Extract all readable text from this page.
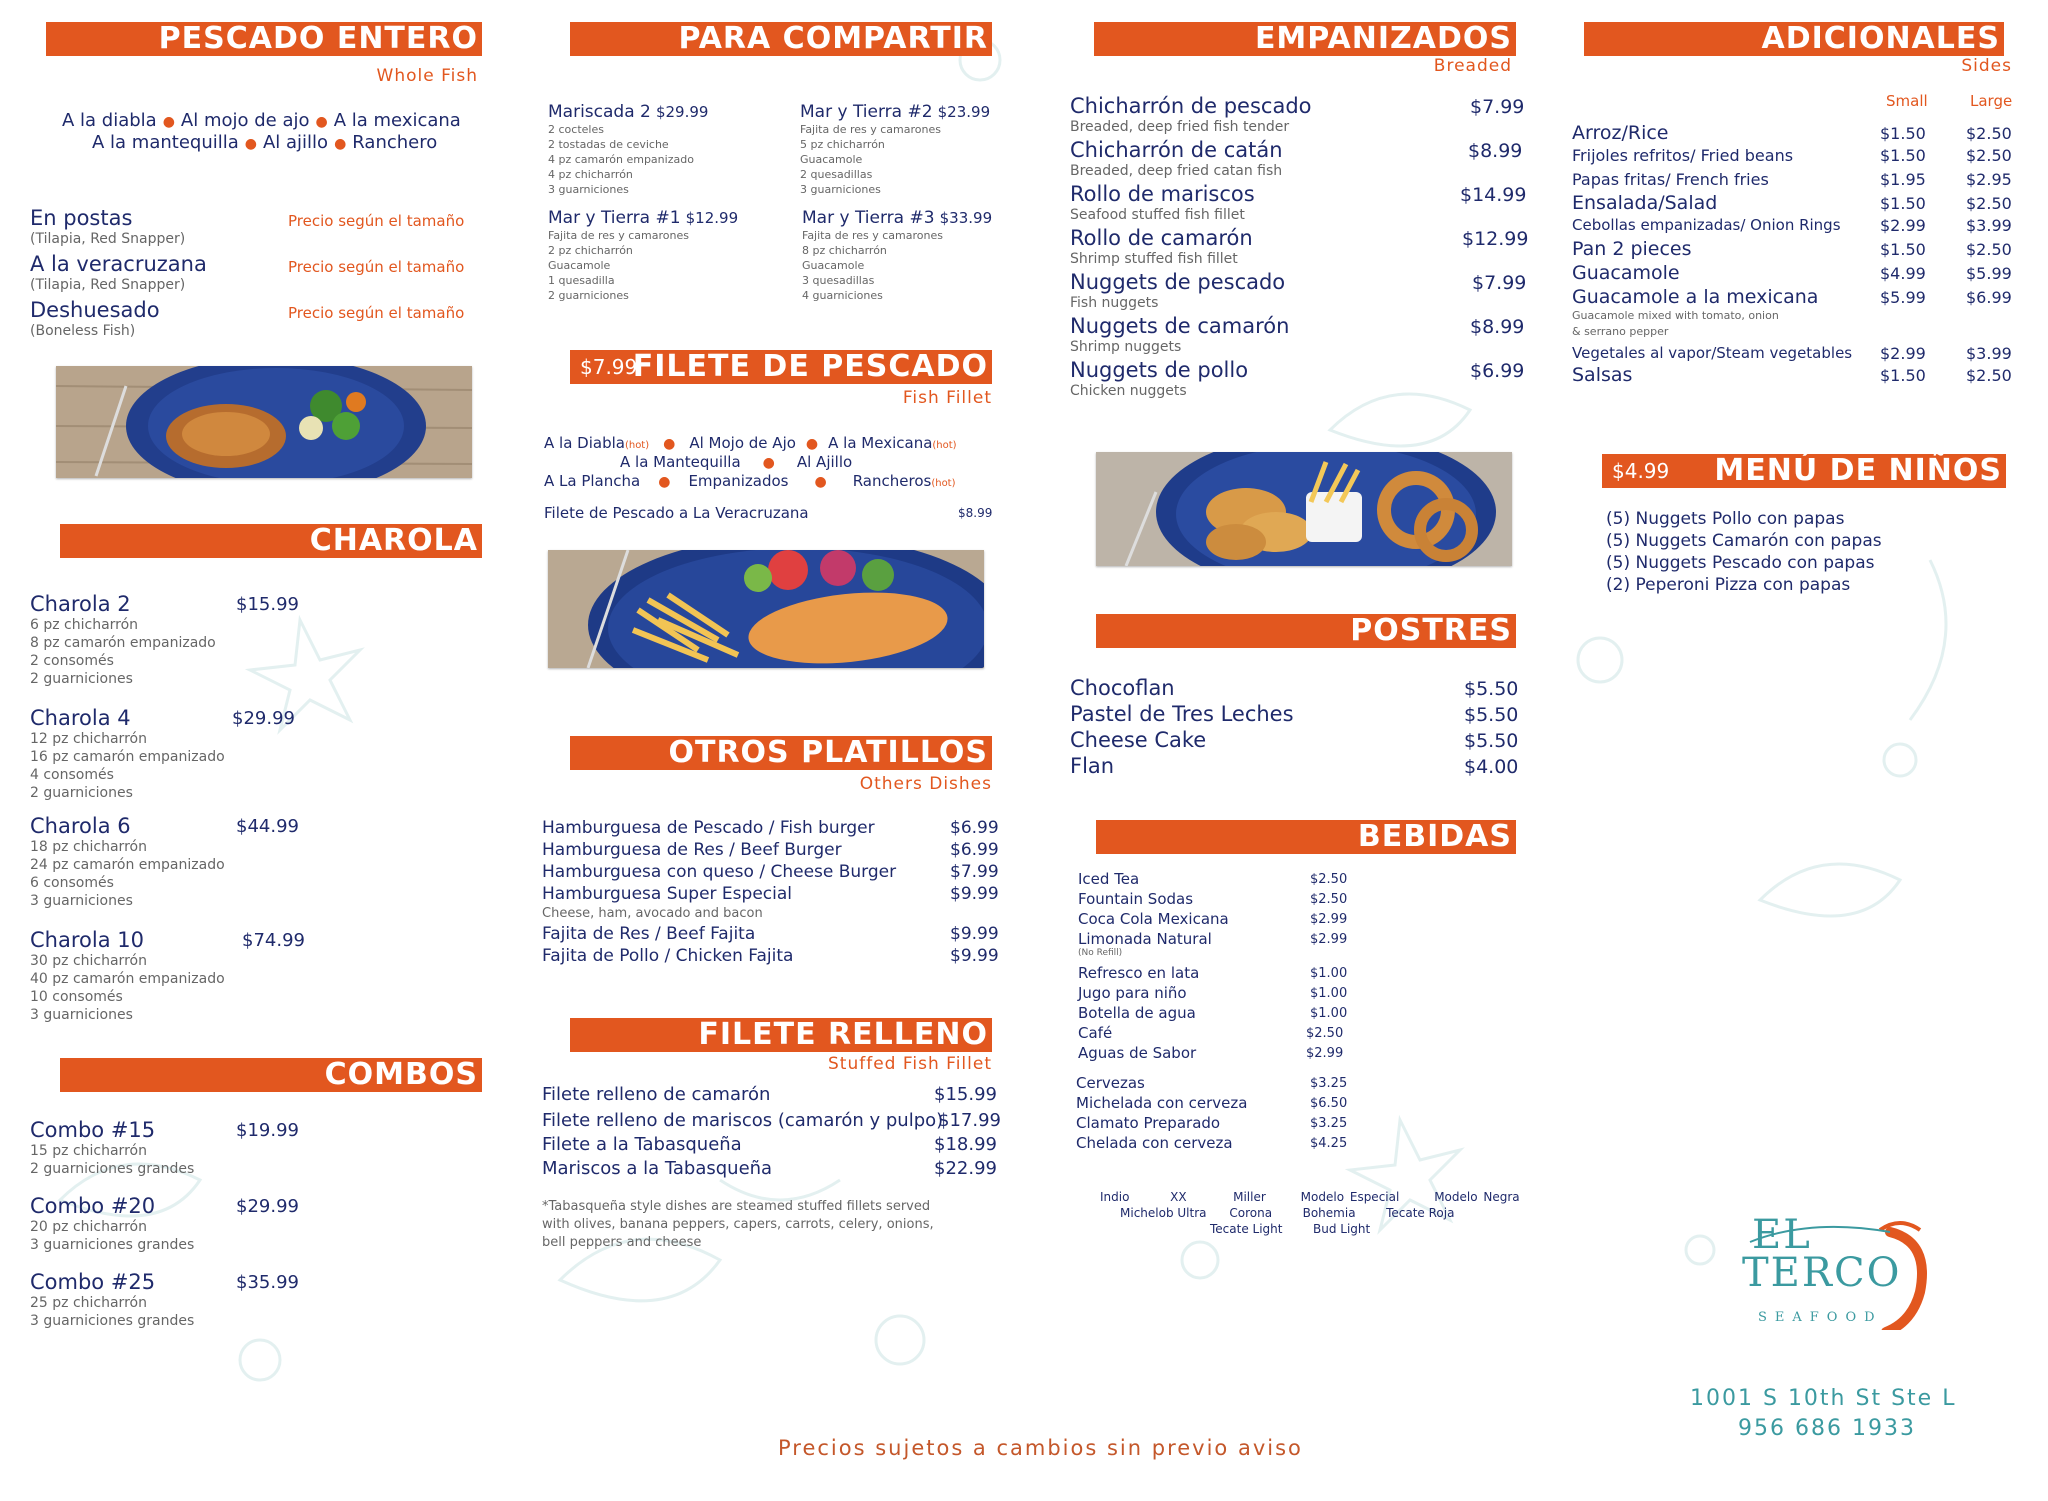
PESCADO ENTERO
Whole Fish
A la diabla ● Al mojo de ajo ● A la mexicana
A la mantequilla ● Al ajillo ● Ranchero
En postas
(Tilapia, Red Snapper)
Precio según el tamaño
A la veracruzana
(Tilapia, Red Snapper)
Precio según el tamaño
Deshuesado
(Boneless Fish)
Precio según el tamaño
CHAROLA
Charola 2
6 pz chicharrón
8 pz camarón empanizado
2 consomés
2 guarniciones
$15.99
Charola 4
12 pz chicharrón
16 pz camarón empanizado
4 consomés
2 guarniciones
$29.99
Charola 6
18 pz chicharrón
24 pz camarón empanizado
6 consomés
3 guarniciones
$44.99
Charola 10
30 pz chicharrón
40 pz camarón empanizado
10 consomés
3 guarniciones
$74.99
COMBOS
Combo #15
15 pz chicharrón
2 guarniciones grandes
$19.99
Combo #20
20 pz chicharrón
3 guarniciones grandes
$29.99
Combo #25
25 pz chicharrón
3 guarniciones grandes
$35.99
PARA COMPARTIR
Mariscada 2 $29.99
2 cocteles
2 tostadas de ceviche
4 pz camarón empanizado
4 pz chicharrón
3 guarniciones
Mar y Tierra #2 $23.99
Fajita de res y camarones
5 pz chicharrón
Guacamole
2 quesadillas
3 guarniciones
Mar y Tierra #1 $12.99
Fajita de res y camarones
2 pz chicharrón
Guacamole
1 quesadilla
2 guarniciones
Mar y Tierra #3 $33.99
Fajita de res y camarones
8 pz chicharrón
Guacamole
3 quesadillas
4 guarniciones
$7.99
FILETE DE PESCADO
Fish Fillet
A la Diabla(hot) ● Al Mojo de Ajo ● A la Mexicana(hot)
A la Mantequilla ● Al Ajillo
A La Plancha ● Empanizados ● Rancheros(hot)
Filete de Pescado a La Veracruzana	$8.99
OTROS PLATILLOS
Others Dishes
Hamburguesa de Pescado / Fish burger	$6.99
Hamburguesa de Res / Beef Burger	$6.99
Hamburguesa con queso / Cheese Burger	$7.99
Hamburguesa Super Especial	$9.99
Cheese, ham, avocado and bacon
Fajita de Res / Beef Fajita	$9.99
Fajita de Pollo / Chicken Fajita	$9.99
FILETE RELLENO
Stuffed Fish Fillet
Filete relleno de camarón	$15.99
Filete relleno de mariscos (camarón y pulpo)
$17.99
Filete a la Tabasqueña	$18.99
Mariscos a la Tabasqueña	$22.99
*Tabasqueña style dishes are steamed stuffed fillets served
with olives, banana peppers, capers, carrots, celery, onions,
bell peppers and cheese
EMPANIZADOS
Breaded
Chicharrón de pescado
Breaded, deep fried fish tender
$7.99
Chicharrón de catán
Breaded, deep fried catan fish
$8.99
Rollo de mariscos
Seafood stuffed fish fillet
$14.99
Rollo de camarón
Shrimp stuffed fish fillet
$12.99
Nuggets de pescado
Fish nuggets
$7.99
Nuggets de camarón
Shrimp nuggets
$8.99
Nuggets de pollo
Chicken nuggets
$6.99
POSTRES
Chocoflan	$5.50
Pastel de Tres Leches	$5.50
Cheese Cake	$5.50
Flan	$4.00
BEBIDAS
Iced Tea	$2.50
Fountain Sodas	$2.50
Coca Cola Mexicana	$2.99
Limonada Natural	$2.99
(No Refill)
Refresco en lata	$1.00
Jugo para niño	$1.00
Botella de agua	$1.00
Café	$2.50
Aguas de Sabor	$2.99
Cervezas	$3.25
Michelada con cerveza	$6.50
Clamato Preparado	$3.25
Chelada con cerveza	$4.25
Indio	XX	Miller	Modelo Especial	Modelo Negra
Michelob Ultra Corona	Bohemia	Tecate Roja
Tecate Light	Bud Light
ADICIONALES
Sides
Small	Large
Arroz/Rice	$1.50	$2.50
Frijoles refritos/ Fried beans	$1.50	$2.50
Papas fritas/ French fries	$1.95	$2.95
Ensalada/Salad	$1.50	$2.50
Cebollas empanizadas/ Onion Rings $2.99	$3.99
Pan 2 pieces	$1.50	$2.50
Guacamole	$4.99	$5.99
Guacamole a la mexicana	$5.99	$6.99
Guacamole mixed with tomato, onion
& serrano pepper
Vegetales al vapor/Steam vegetables $2.99	$3.99
Salsas	$1.50	$2.50
$4.99 MENÚ DE NIÑOS
(5) Nuggets Pollo con papas
(5) Nuggets Camarón con papas
(5) Nuggets Pescado con papas
(2) Peperoni Pizza con papas
EL
TERCO
SEAFOOD
1001 S 10th St Ste L
956 686 1933
Precios sujetos a cambios sin previo aviso
